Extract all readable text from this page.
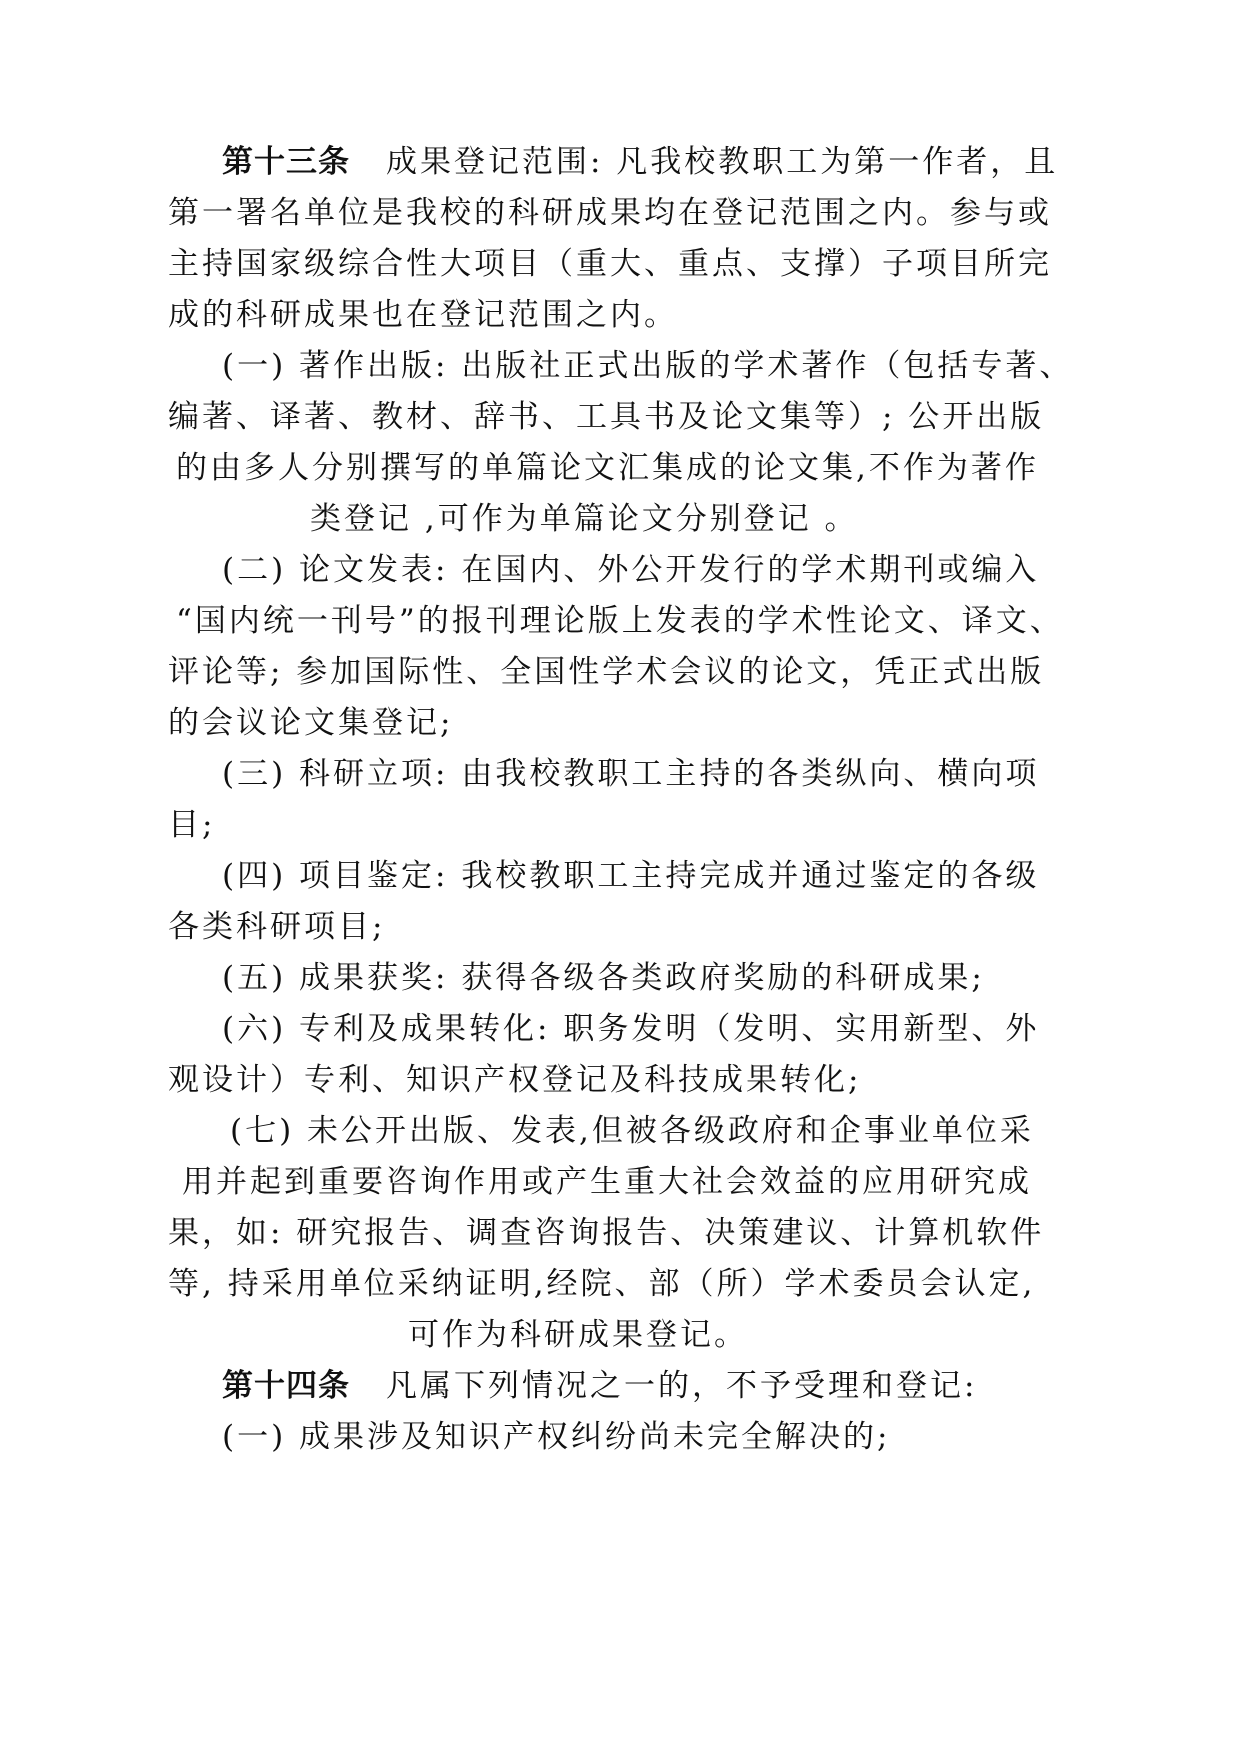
第十三条 成果登记范围: 凡我校教职工为第一作者，且

第一署名单位是我校的科研成果均在登记范围之内。参与或

主持国家级综合性大项目（重大、重点、支撑）子项目所完

成的科研成果也在登记范围之内。

(一) 著作出版: 出版社正式出版的学术著作（包括专著、

编著、译著、教材、辞书、工具书及论文集等）; 公开出版

的由多人分别撰写的单篇论文汇集成的论文集,不作为著作

类登记 ,可作为单篇论文分别登记 。

(二) 论文发表: 在国内、外公开发行的学术期刊或编入

“国内统一刊号”的报刊理论版上发表的学术性论文、译文、

评论等; 参加国际性、全国性学术会议的论文，凭正式出版

的会议论文集登记;

(三) 科研立项: 由我校教职工主持的各类纵向、横向项

目;

(四) 项目鉴定: 我校教职工主持完成并通过鉴定的各级

各类科研项目;

(五) 成果获奖: 获得各级各类政府奖励的科研成果;

(六) 专利及成果转化: 职务发明（发明、实用新型、外

观设计）专利、知识产权登记及科技成果转化;

(七) 未公开出版、发表,但被各级政府和企事业单位采

用并起到重要咨询作用或产生重大社会效益的应用研究成

果，如: 研究报告、调查咨询报告、决策建议、计算机软件

等, 持采用单位采纳证明,经院、部（所）学术委员会认定,

可作为科研成果登记。

第十四条 凡属下列情况之一的，不予受理和登记:

(一) 成果涉及知识产权纠纷尚未完全解决的;
